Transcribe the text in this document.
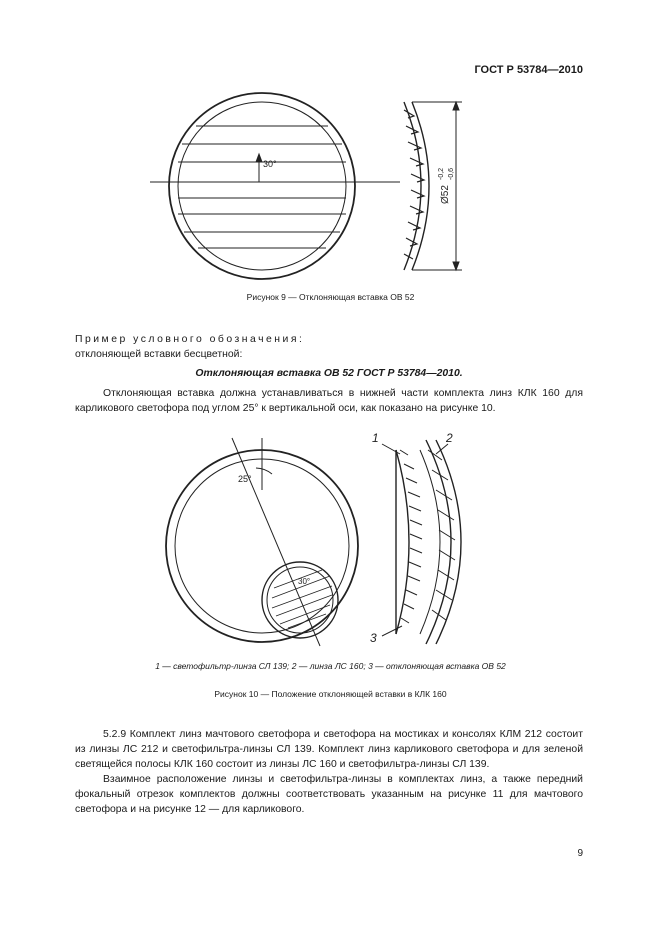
ГОСТ Р 53784—2010
30°
Ø52
-0,2 -0,6
Рисунок 9 — Отклоняющая вставка ОВ 52
Пример условного обозначения:
отклоняющей вставки бесцветной:
Отклоняющая вставка ОВ 52 ГОСТ Р 53784—2010.
Отклоняющая вставка должна устанавливаться в нижней части комплекта линз КЛК 160 для карликового светофора под углом 25° к вертикальной оси, как показано на рисунке 10.
25°
30°
1	2
3
1 — светофильтр-линза СЛ 139; 2 — линза ЛС 160; 3 — отклоняющая вставка ОВ 52
Рисунок 10 — Положение отклоняющей вставки в КЛК 160
5.2.9 Комплект линз мачтового светофора и светофора на мостиках и консолях КЛМ 212 состоит из линзы ЛС 212 и светофильтра-линзы СЛ 139. Комплект линз карликового светофора и для зеленой светящейся полосы КЛК 160 состоит из линзы ЛС 160 и светофильтра-линзы СЛ 139.
Взаимное расположение линзы и светофильтра-линзы в комплектах линз, а также передний фокальный отрезок комплектов должны соответствовать указанным на рисунке 11 для мачтового светофора и на рисунке 12 — для карликового.
9
